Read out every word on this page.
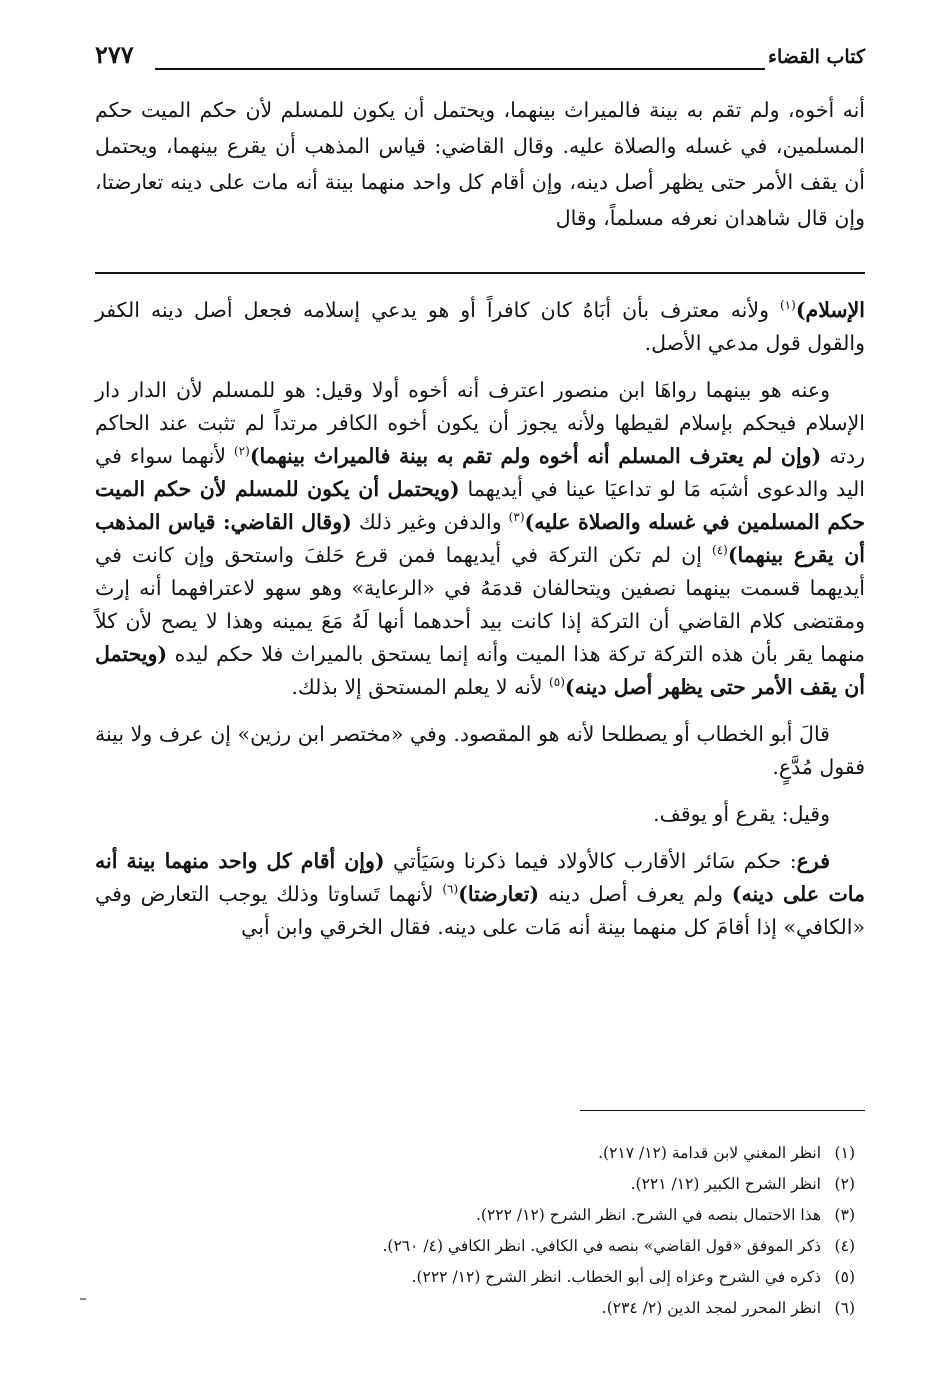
كتاب القضاء
٢٧٧
أنه أخوه، ولم تقم به بينة فالميراث بينهما، ويحتمل أن يكون للمسلم لأن حكم الميت حكم المسلمين، في غسله والصلاة عليه. وقال القاضي: قياس المذهب أن يقرع بينهما، ويحتمل أن يقف الأمر حتى يظهر أصل دينه، وإن أقام كل واحد منهما بينة أنه مات على دينه تعارضتا، وإن قال شاهدان نعرفه مسلماً، وقال

الإسلام)$^{(١)}$ ولأنه معترف بأن أبَاهُ كان كافراً أو هو يدعي إسلامه فجعل أصل دينه الكفر والقول قول مدعي الأصل.

وعنه هو بينهما رواهَا ابن منصور اعترف أنه أخوه أولا وقيل: هو للمسلم لأن الدار دار الإسلام فيحكم بإسلام لقيطها ولأنه يجوز أن يكون أخوه الكافر مرتداً لم تثبت عند الحاكم ردته (وإن لم يعترف المسلم أنه أخوه ولم تقم به بينة فالميراث بينهما)$^{(٢)}$ لأنهما سواء في اليد والدعوى أشبَه مَا لو تداعيَا عينا في أيديهما (ويحتمل أن يكون للمسلم لأن حكم الميت حكم المسلمين في غسله والصلاة عليه)$^{(٣)}$ والدفن وغير ذلك (وقال القاضي: قياس المذهب أن يقرع بينهما)$^{(٤)}$ إن لم تكن التركة في أيديهما فمن قرع حَلفَ واستحق وإن كانت في أيديهما قسمت بينهما نصفين ويتحالفان قدمَهُ في «الرعاية» وهو سهو لاعترافهما أنه إرث ومقتضى كلام القاضي أن التركة إذا كانت بيد أحدهما أنها لَهُ مَعَ يمينه وهذا لا يصح لأن كلاً منهما يقر بأن هذه التركة تركة هذا الميت وأنه إنما يستحق بالميراث فلا حكم ليده (ويحتمل أن يقف الأمر حتى يظهر أصل دينه)$^{(٥)}$ لأنه لا يعلم المستحق إلا بذلك.

قالَ أبو الخطاب أو يصطلحا لأنه هو المقصود. وفي «مختصر ابن رزين» إن عرف ولا بينة فقول مُدَّعٍ.

وقيل: يقرع أو يوقف.

فرع: حكم سَائر الأقارب كالأولاد فيما ذكرنا وسَيَأتي (وإن أقام كل واحد منهما بينة أنه مات على دينه) ولم يعرف أصل دينه (تعارضتا)$^{(٦)}$ لأنهما تَساوتا وذلك يوجب التعارض وفي «الكافي» إذا أقامَ كل منهما بينة أنه مَات على دينه. فقال الخرقي وابن أبي

(١)انظر المغني لابن قدامة (١٢/ ٢١٧).
(٢)انظر الشرح الكبير (١٢/ ٢٢١).
(٣)هذا الاحتمال بنصه في الشرح. انظر الشرح (١٢/ ٢٢٢).
(٤)ذكر الموفق «قول القاضي» بنصه في الكافي. انظر الكافي (٤/ ٢٦٠).
(٥)ذكره في الشرح وعزاه إلى أبو الخطاب. انظر الشرح (١٢/ ٢٢٢).
(٦)انظر المحرر لمجد الدين (٢/ ٢٣٤).
